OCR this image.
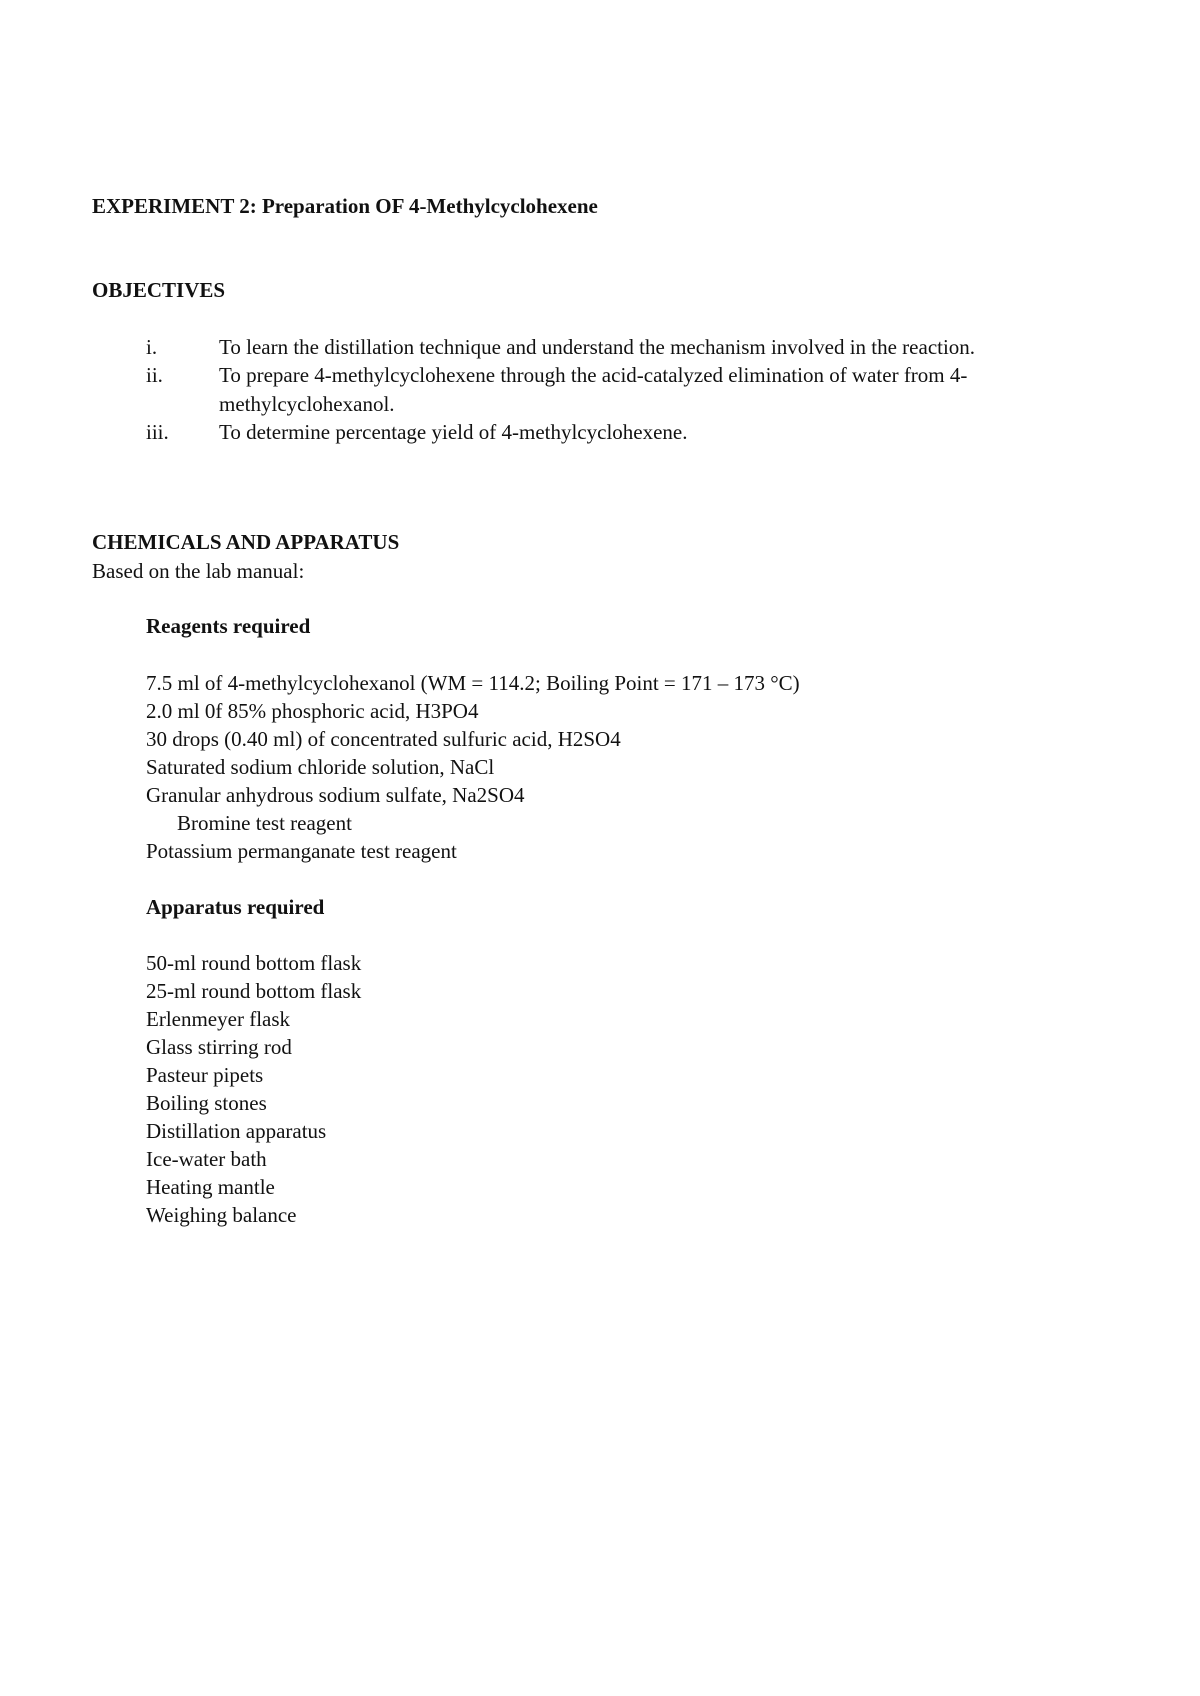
EXPERIMENT 2: Preparation OF 4-Methylcyclohexene
OBJECTIVES
i.	To learn the distillation technique and understand the mechanism involved in the reaction.
ii.	To prepare 4-methylcyclohexene through the acid-catalyzed elimination of water from 4-
methylcyclohexanol.
iii. To determine percentage yield of 4-methylcyclohexene.
CHEMICALS AND APPARATUS
Based on the lab manual:
Reagents required
7.5 ml of 4-methylcyclohexanol (WM = 114.2; Boiling Point = 171 – 173 °C)
2.0 ml 0f 85% phosphoric acid, H3PO4
30 drops (0.40 ml) of concentrated sulfuric acid, H2SO4
Saturated sodium chloride solution, NaCl
Granular anhydrous sodium sulfate, Na2SO4
Bromine test reagent
Potassium permanganate test reagent
Apparatus required
50-ml round bottom flask
25-ml round bottom flask
Erlenmeyer flask
Glass stirring rod
Pasteur pipets
Boiling stones
Distillation apparatus
Ice-water bath
Heating mantle
Weighing balance
